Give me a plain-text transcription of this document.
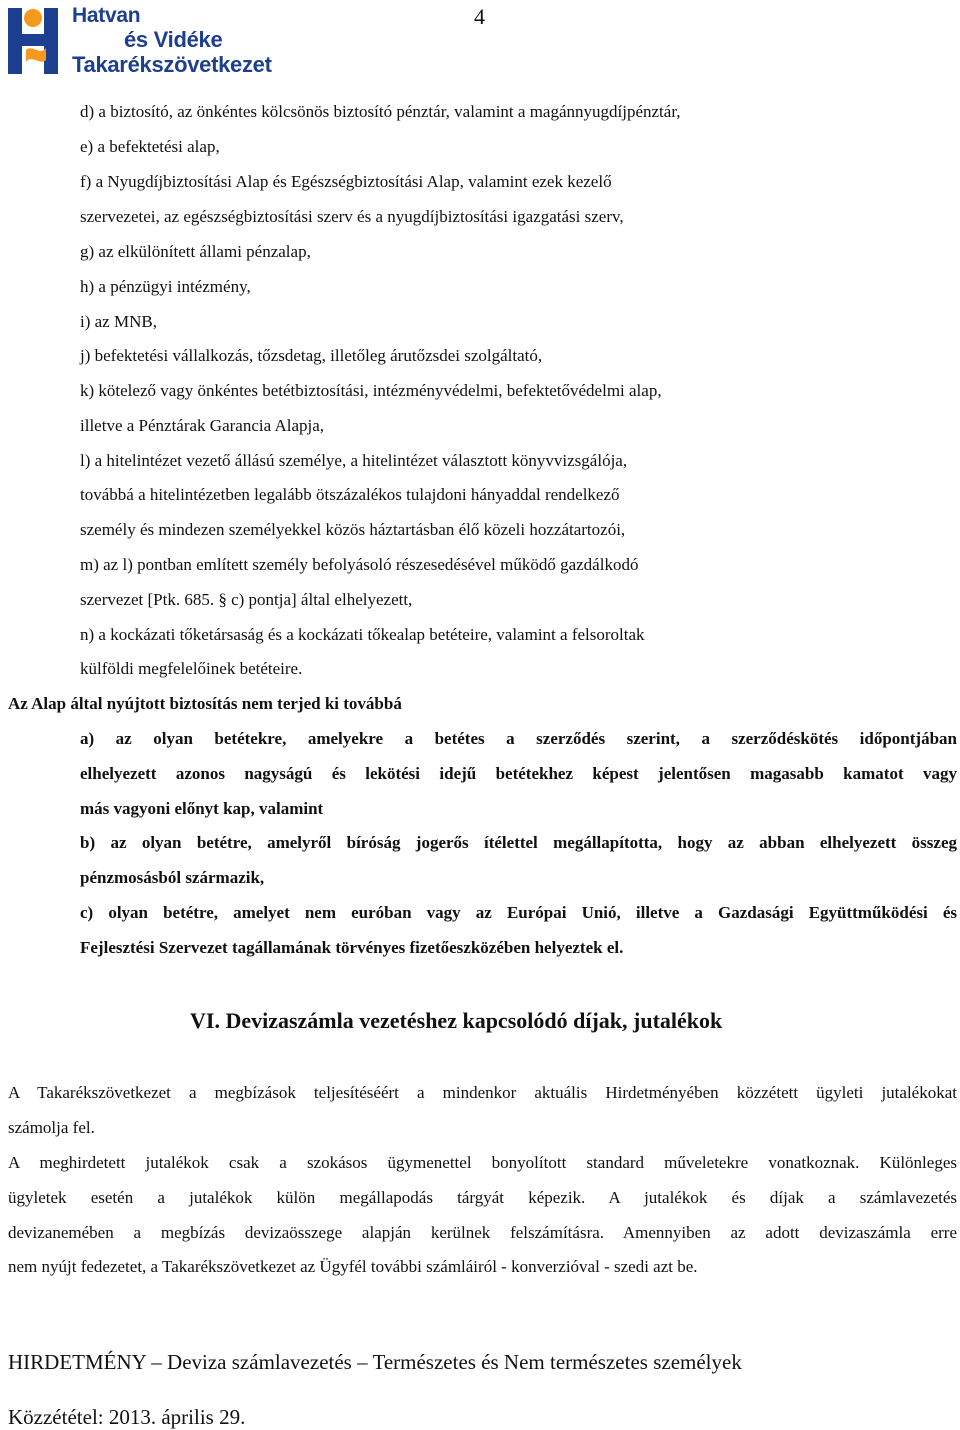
Hatvan
és Vidéke
Takarékszövetkezet
4
d) a biztosító, az önkéntes kölcsönös biztosító pénztár, valamint a magánnyugdíjpénztár,
e) a befektetési alap,
f) a Nyugdíjbiztosítási Alap és Egészségbiztosítási Alap, valamint ezek kezelő
szervezetei, az egészségbiztosítási szerv és a nyugdíjbiztosítási igazgatási szerv,
g) az elkülönített állami pénzalap,
h) a pénzügyi intézmény,
i) az MNB,
j) befektetési vállalkozás, tőzsdetag, illetőleg árutőzsdei szolgáltató,
k) kötelező vagy önkéntes betétbiztosítási, intézményvédelmi, befektetővédelmi alap,
illetve a Pénztárak Garancia Alapja,
l) a hitelintézet vezető állású személye, a hitelintézet választott könyvvizsgálója,
továbbá a hitelintézetben legalább ötszázalékos tulajdoni hányaddal rendelkező
személy és mindezen személyekkel közös háztartásban élő közeli hozzátartozói,
m) az l) pontban említett személy befolyásoló részesedésével működő gazdálkodó
szervezet [Ptk. 685. § c) pontja] által elhelyezett,
n) a kockázati tőketársaság és a kockázati tőkealap betéteire, valamint a felsoroltak
külföldi megfelelőinek betéteire.
Az Alap által nyújtott biztosítás nem terjed ki továbbá
a) az olyan betétekre, amelyekre a betétes a szerződés szerint, a szerződéskötés időpontjában
elhelyezett azonos nagyságú és lekötési idejű betétekhez képest jelentősen magasabb kamatot vagy
más vagyoni előnyt kap, valamint
b) az olyan betétre, amelyről bíróság jogerős ítélettel megállapította, hogy az abban elhelyezett összeg
pénzmosásból származik,
c) olyan betétre, amelyet nem euróban vagy az Európai Unió, illetve a Gazdasági Együttműködési és
Fejlesztési Szervezet tagállamának törvényes fizetőeszközében helyeztek el.
VI. Devizaszámla vezetéshez kapcsolódó díjak, jutalékok
A Takarékszövetkezet a megbízások teljesítéséért a mindenkor aktuális Hirdetményében közzétett ügyleti jutalékokat
számolja fel.
A meghirdetett jutalékok csak a szokásos ügymenettel bonyolított standard műveletekre vonatkoznak. Különleges
ügyletek esetén a jutalékok külön megállapodás tárgyát képezik. A jutalékok és díjak a számlavezetés
devizanemében a megbízás devizaösszege alapján kerülnek felszámításra. Amennyiben az adott devizaszámla erre
nem nyújt fedezetet, a Takarékszövetkezet az Ügyfél további számláiról - konverzióval - szedi azt be.
HIRDETMÉNY – Deviza számlavezetés – Természetes és Nem természetes személyek
Közzététel: 2013. április 29.
